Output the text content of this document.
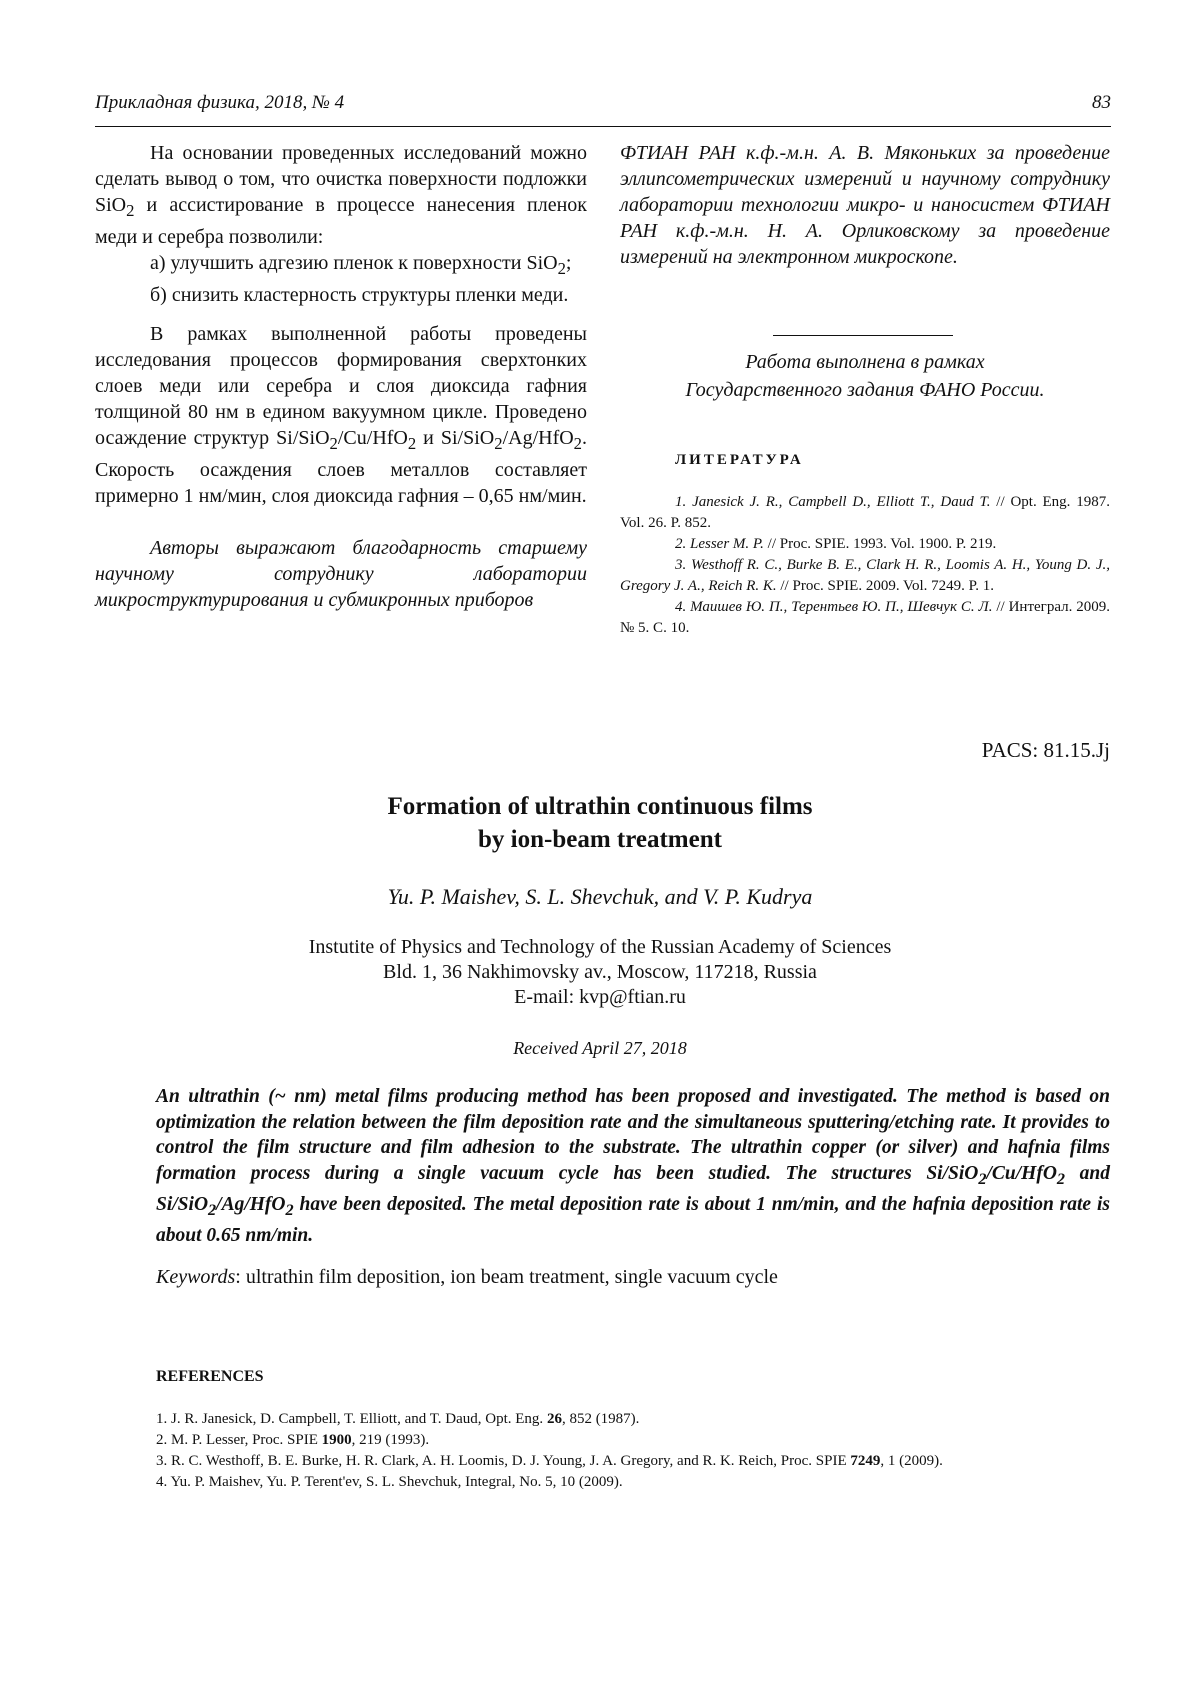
Прикладная физика, 2018, № 4	83

На основании проведенных исследований можно сделать вывод о том, что очистка поверхности подложки SiO$_2$ и ассистирование в процессе нанесения пленок меди и серебра позволили:

а) улучшить адгезию пленок к поверхности SiO$_2$;

б) снизить кластерность структуры пленки меди.

В рамках выполненной работы проведены исследования процессов формирования сверхтонких слоев меди или серебра и слоя диоксида гафния толщиной 80 нм в едином вакуумном цикле. Проведено осаждение структур Si/SiO$_2$/Cu/HfO$_2$ и Si/SiO$_2$/Ag/HfO$_2$. Скорость осаждения слоев металлов составляет примерно 1 нм/мин, слоя диоксида гафния – 0,65 нм/мин.

Авторы выражают благодарность старшему научному сотруднику лаборатории микроструктурирования и субмикронных приборов

ФТИАН РАН к.ф.-м.н. А. В. Мяконьких за проведение эллипсометрических измерений и научному сотруднику лаборатории технологии микро- и наносистем ФТИАН РАН к.ф.-м.н. Н. А. Орликовскому за проведение измерений на электронном микроскопе.
Работа выполнена в рамках
Государственного задания ФАНО России.
ЛИТЕРАТУРА

1. Janesick J. R., Campbell D., Elliott T., Daud T. // Opt. Eng. 1987. Vol. 26. P. 852.

2. Lesser M. P. // Proc. SPIE. 1993. Vol. 1900. P. 219.

3. Westhoff R. C., Burke B. E., Clark H. R., Loomis A. H., Young D. J., Gregory J. A., Reich R. K. // Proc. SPIE. 2009. Vol. 7249. P. 1.

4. Маишев Ю. П., Терентьев Ю. П., Шевчук С. Л. // Интеграл. 2009. № 5. С. 10.

PACS: 81.15.Jj
Formation of ultrathin continuous films
by ion-beam treatment
Yu. P. Maishev, S. L. Shevchuk, and V. P. Kudrya
Instutite of Physics and Technology of the Russian Academy of Sciences
Bld. 1, 36 Nakhimovsky av., Moscow, 117218, Russia
E-mail: kvp@ftian.ru
Received April 27, 2018
An ultrathin (~ nm) metal films producing method has been proposed and investigated. The method is based on optimization the relation between the film deposition rate and the simultaneous sputtering/etching rate. It provides to control the film structure and film adhesion to the substrate. The ultrathin copper (or silver) and hafnia films formation process during a single vacuum cycle has been studied. The structures Si/SiO$_2$/Cu/HfO$_2$ and Si/SiO$_2$/Ag/HfO$_2$ have been deposited. The metal deposition rate is about 1 nm/min, and the hafnia deposition rate is about 0.65 nm/min.
Keywords: ultrathin film deposition, ion beam treatment, single vacuum cycle
REFERENCES

1. J. R. Janesick, D. Campbell, T. Elliott, and T. Daud, Opt. Eng. 26, 852 (1987).

2. M. P. Lesser, Proc. SPIE 1900, 219 (1993).

3. R. C. Westhoff, B. E. Burke, H. R. Clark, A. H. Loomis, D. J. Young, J. A. Gregory, and R. K. Reich, Proc. SPIE 7249, 1 (2009).

4. Yu. P. Maishev, Yu. P. Terent'ev, S. L. Shevchuk, Integral, No. 5, 10 (2009).
